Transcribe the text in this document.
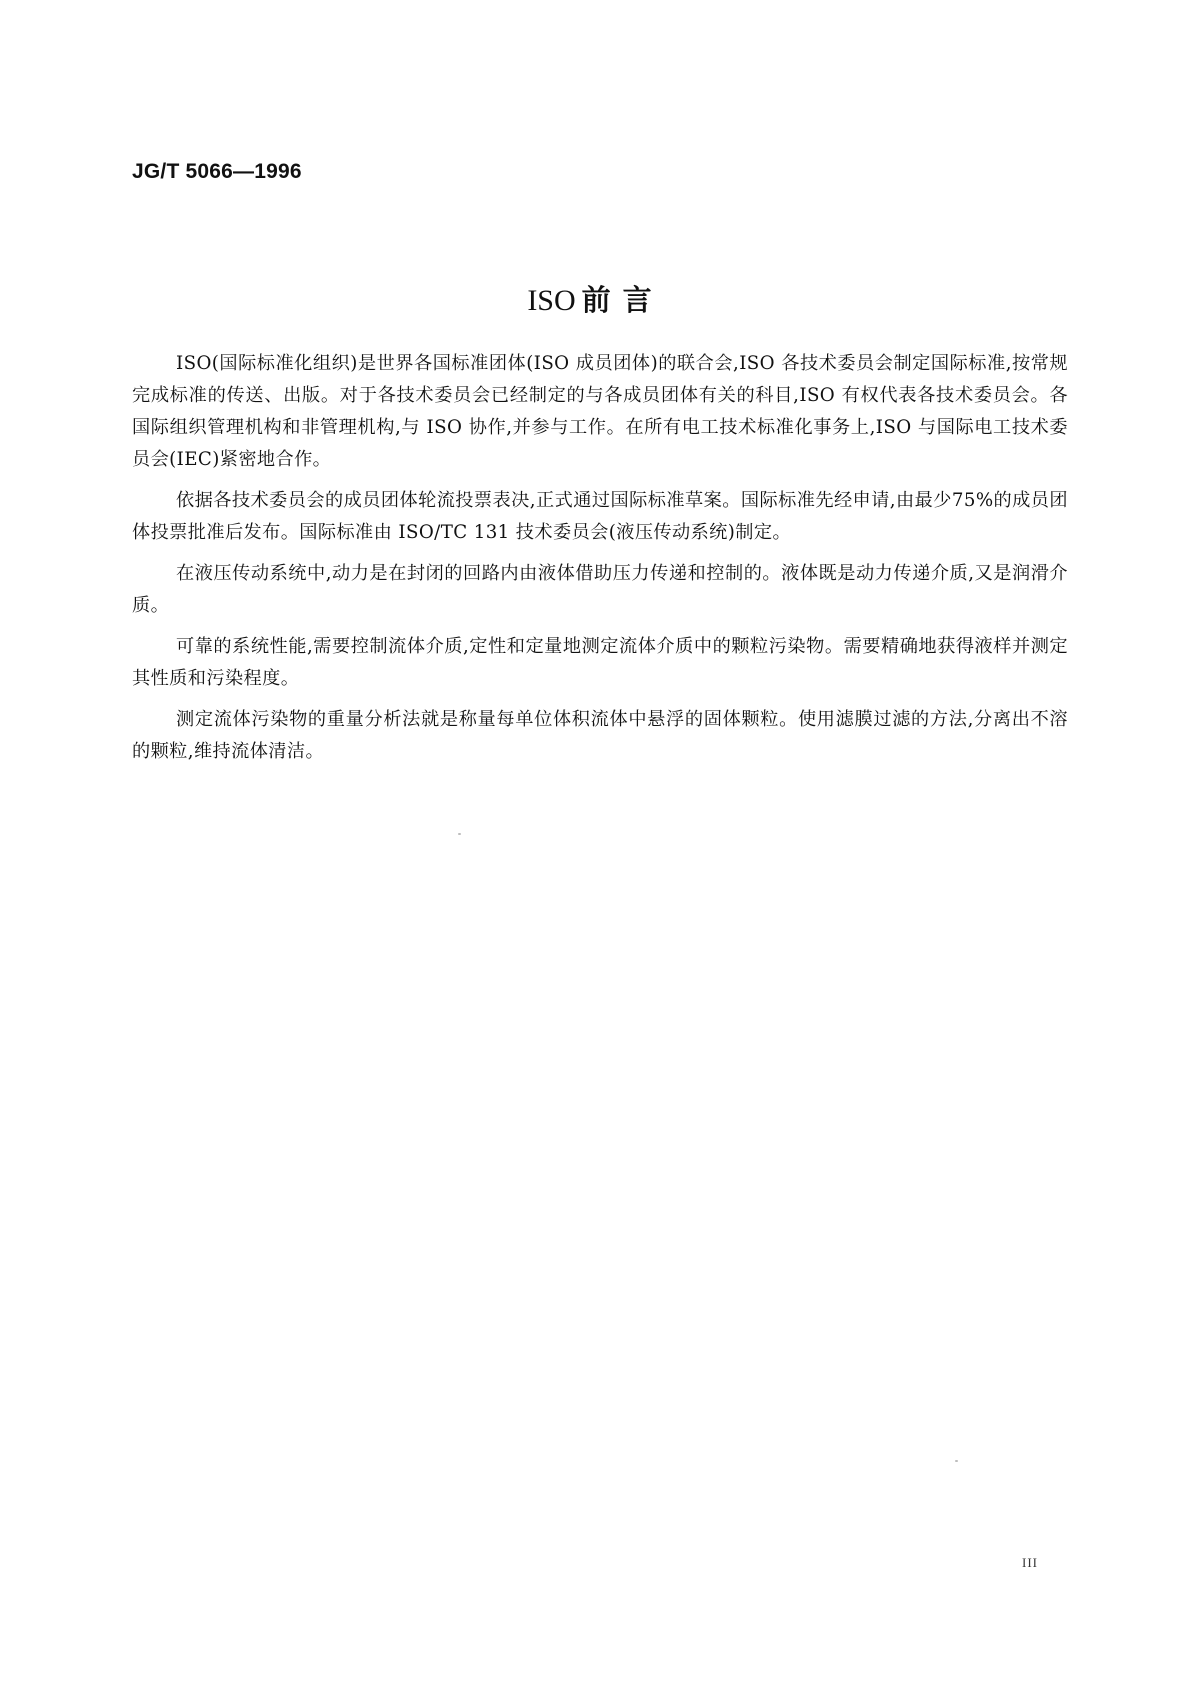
JG/T 5066—1996
ISO 前言

ISO(国际标准化组织)是世界各国标准团体(ISO 成员团体)的联合会,ISO 各技术委员会制定国际标准,按常规完成标准的传送、出版。对于各技术委员会已经制定的与各成员团体有关的科目,ISO 有权代表各技术委员会。各国际组织管理机构和非管理机构,与 ISO 协作,并参与工作。在所有电工技术标准化事务上,ISO 与国际电工技术委员会(IEC)紧密地合作。

依据各技术委员会的成员团体轮流投票表决,正式通过国际标准草案。国际标准先经申请,由最少75%的成员团体投票批准后发布。国际标准由 ISO/TC 131 技术委员会(液压传动系统)制定。

在液压传动系统中,动力是在封闭的回路内由液体借助压力传递和控制的。液体既是动力传递介质,又是润滑介质。

可靠的系统性能,需要控制流体介质,定性和定量地测定流体介质中的颗粒污染物。需要精确地获得液样并测定其性质和污染程度。

测定流体污染物的重量分析法就是称量每单位体积流体中悬浮的固体颗粒。使用滤膜过滤的方法,分离出不溶的颗粒,维持流体清洁。

III
